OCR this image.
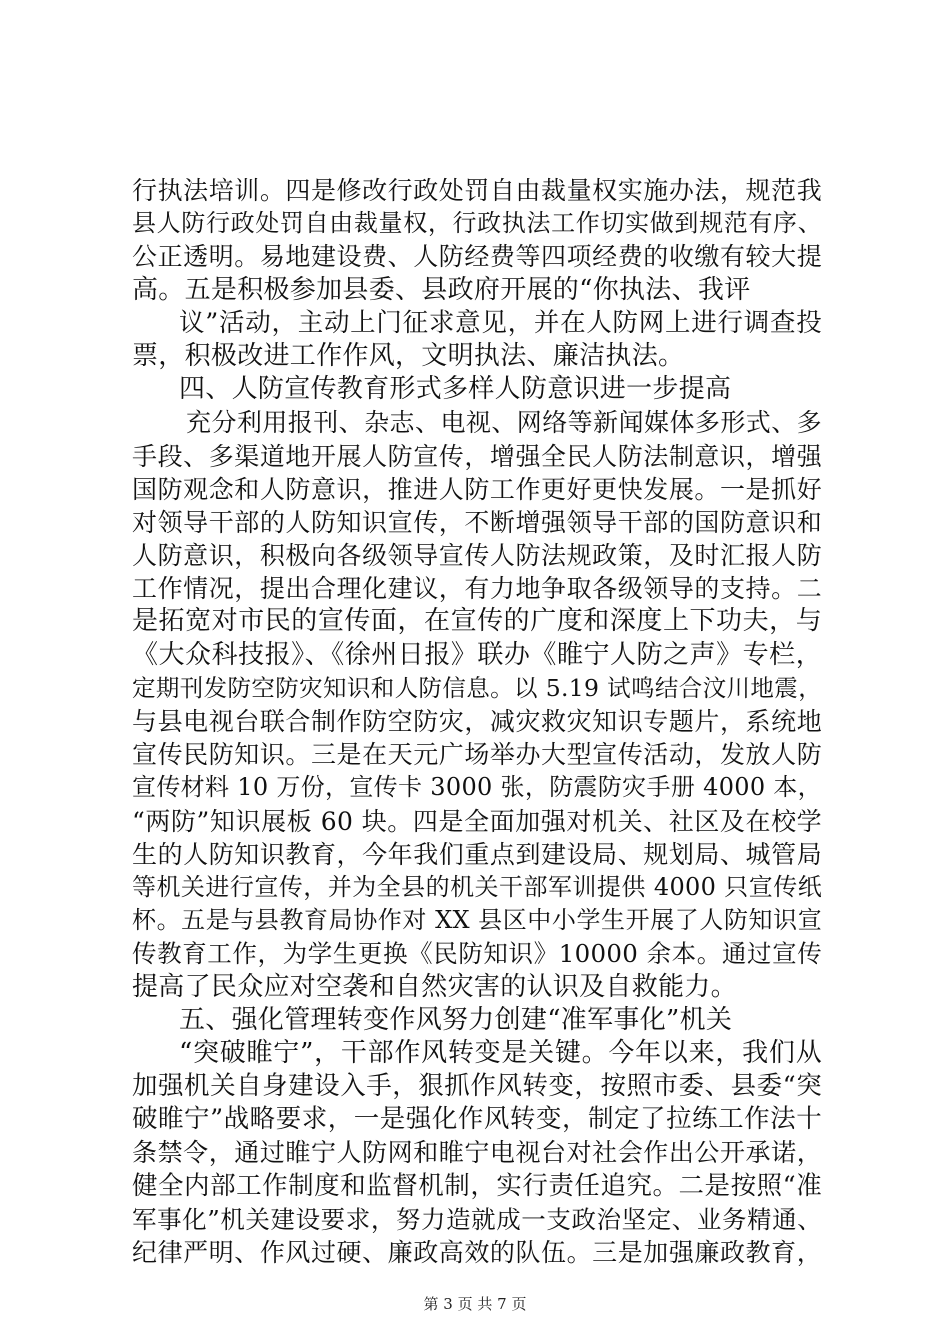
行执法培训。四是修改行政处罚自由裁量权实施办法，规范我
县人防行政处罚自由裁量权，行政执法工作切实做到规范有序、
公正透明。易地建设费、人防经费等四项经费的收缴有较大提
高。五是积极参加县委、县政府开展的“你执法、我评
议”活动，主动上门征求意见，并在人防网上进行调查投
票，积极改进工作作风，文明执法、廉洁执法。
四、人防宣传教育形式多样人防意识进一步提高
充分利用报刊、杂志、电视、网络等新闻媒体多形式、多
手段、多渠道地开展人防宣传，增强全民人防法制意识，增强
国防观念和人防意识，推进人防工作更好更快发展。一是抓好
对领导干部的人防知识宣传，不断增强领导干部的国防意识和
人防意识，积极向各级领导宣传人防法规政策，及时汇报人防
工作情况，提出合理化建议，有力地争取各级领导的支持。二
是拓宽对市民的宣传面，在宣传的广度和深度上下功夫，与
《大众科技报》、《徐州日报》联办《睢宁人防之声》专栏，
定期刊发防空防灾知识和人防信息。以 5.19 试鸣结合汶川地震，
与县电视台联合制作防空防灾，减灾救灾知识专题片，系统地
宣传民防知识。三是在天元广场举办大型宣传活动，发放人防
宣传材料 10 万份，宣传卡 3000 张，防震防灾手册 4000 本，
“两防”知识展板 60 块。四是全面加强对机关、社区及在校学
生的人防知识教育，今年我们重点到建设局、规划局、城管局
等机关进行宣传，并为全县的机关干部军训提供 4000 只宣传纸
杯。五是与县教育局协作对 XX 县区中小学生开展了人防知识宣
传教育工作，为学生更换《民防知识》10000 余本。通过宣传
提高了民众应对空袭和自然灾害的认识及自救能力。
五、强化管理转变作风努力创建“准军事化”机关
“突破睢宁”，干部作风转变是关键。今年以来，我们从
加强机关自身建设入手，狠抓作风转变，按照市委、县委“突
破睢宁”战略要求，一是强化作风转变，制定了拉练工作法十
条禁令，通过睢宁人防网和睢宁电视台对社会作出公开承诺，
健全内部工作制度和监督机制，实行责任追究。二是按照“准
军事化”机关建设要求，努力造就成一支政治坚定、业务精通、
纪律严明、作风过硬、廉政高效的队伍。三是加强廉政教育，
第 3 页 共 7 页
